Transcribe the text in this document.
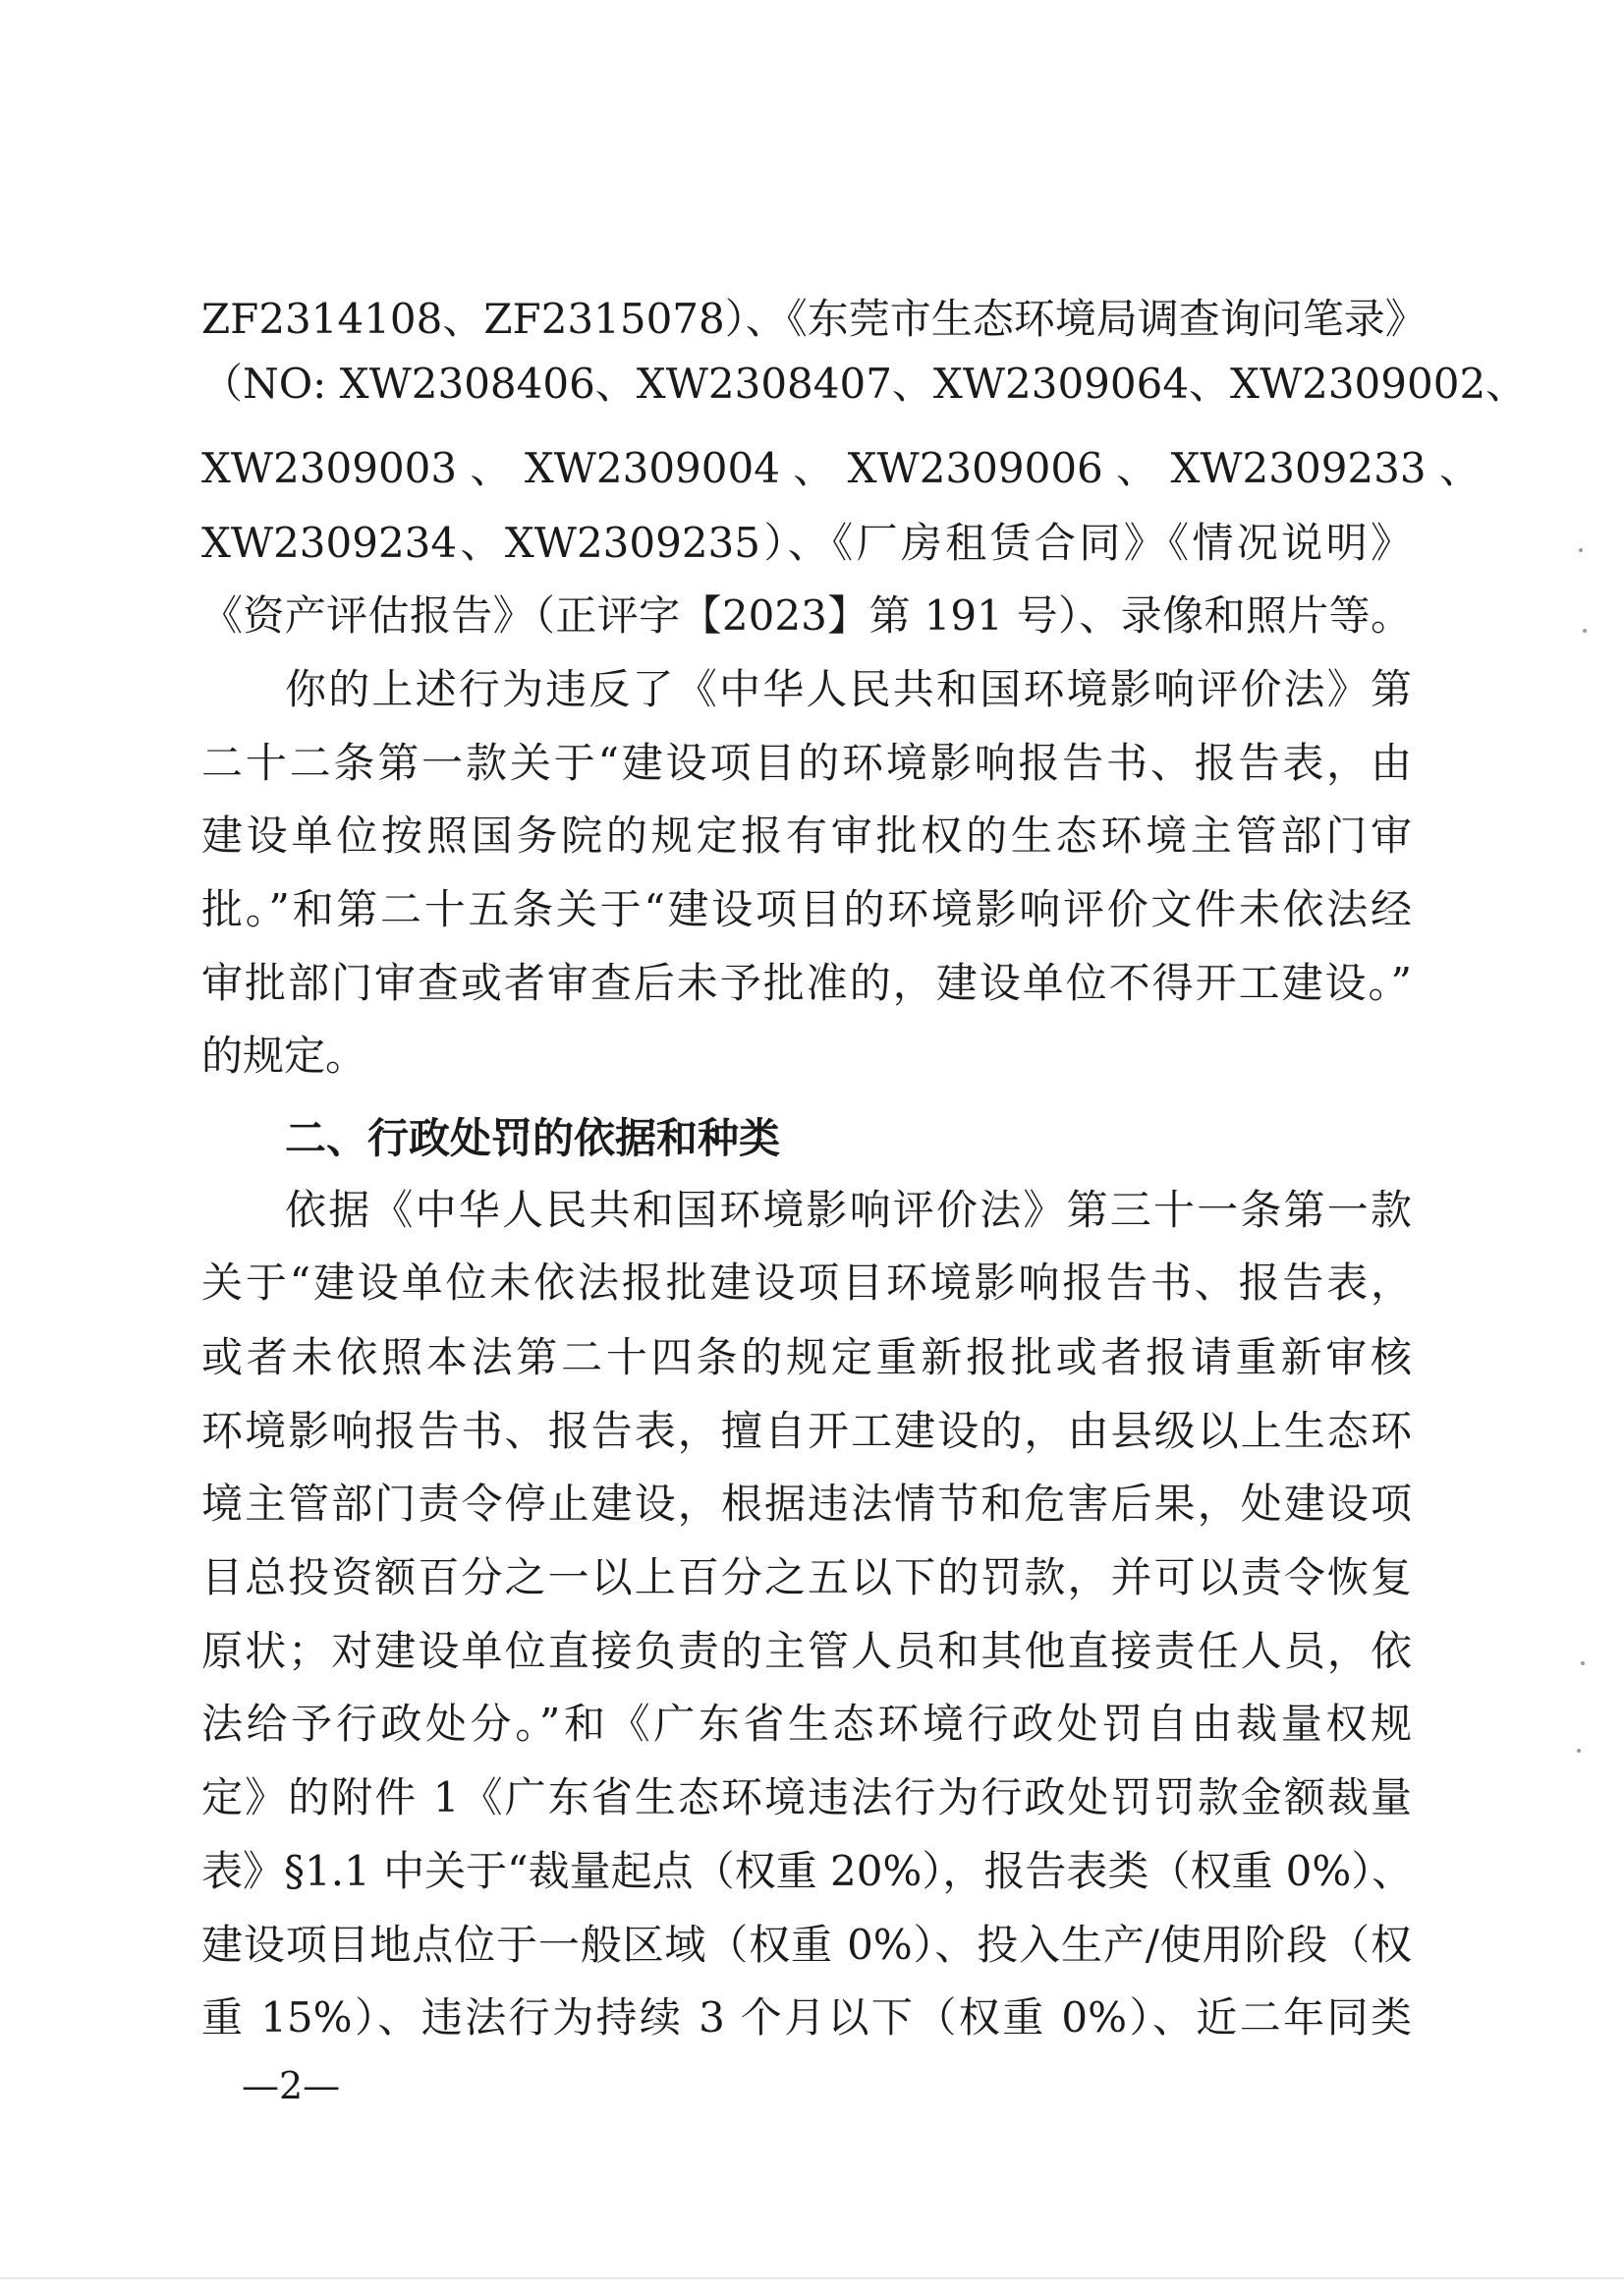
ZF2314108、ZF2315078）、《东莞市生态环境局调查询问笔录》
（NO: XW2308406、XW2308407、XW2309064、XW2309002、
XW2309003 、 XW2309004 、 XW2309006 、 XW2309233 、
XW2309234、XW2309235）、《厂房租赁合同》《情况说明》
《资产评估报告》（正评字【2023】第 191 号）、录像和照片等。
你的上述行为违反了《中华人民共和国环境影响评价法》第
二十二条第一款关于“建设项目的环境影响报告书、报告表，由
建设单位按照国务院的规定报有审批权的生态环境主管部门审
批。”和第二十五条关于“建设项目的环境影响评价文件未依法经
审批部门审查或者审查后未予批准的，建设单位不得开工建设。”
的规定。
二、行政处罚的依据和种类
依据《中华人民共和国环境影响评价法》第三十一条第一款
关于“建设单位未依法报批建设项目环境影响报告书、报告表，
或者未依照本法第二十四条的规定重新报批或者报请重新审核
环境影响报告书、报告表，擅自开工建设的，由县级以上生态环
境主管部门责令停止建设，根据违法情节和危害后果，处建设项
目总投资额百分之一以上百分之五以下的罚款，并可以责令恢复
原状；对建设单位直接负责的主管人员和其他直接责任人员，依
法给予行政处分。”和《广东省生态环境行政处罚自由裁量权规
定》的附件 1《广东省生态环境违法行为行政处罚罚款金额裁量
表》§1.1 中关于“裁量起点（权重 20%），报告表类（权重 0%）、
建设项目地点位于一般区域（权重 0%）、投入生产/使用阶段（权
重 15%）、违法行为持续 3 个月以下（权重 0%）、近二年同类
—2—
